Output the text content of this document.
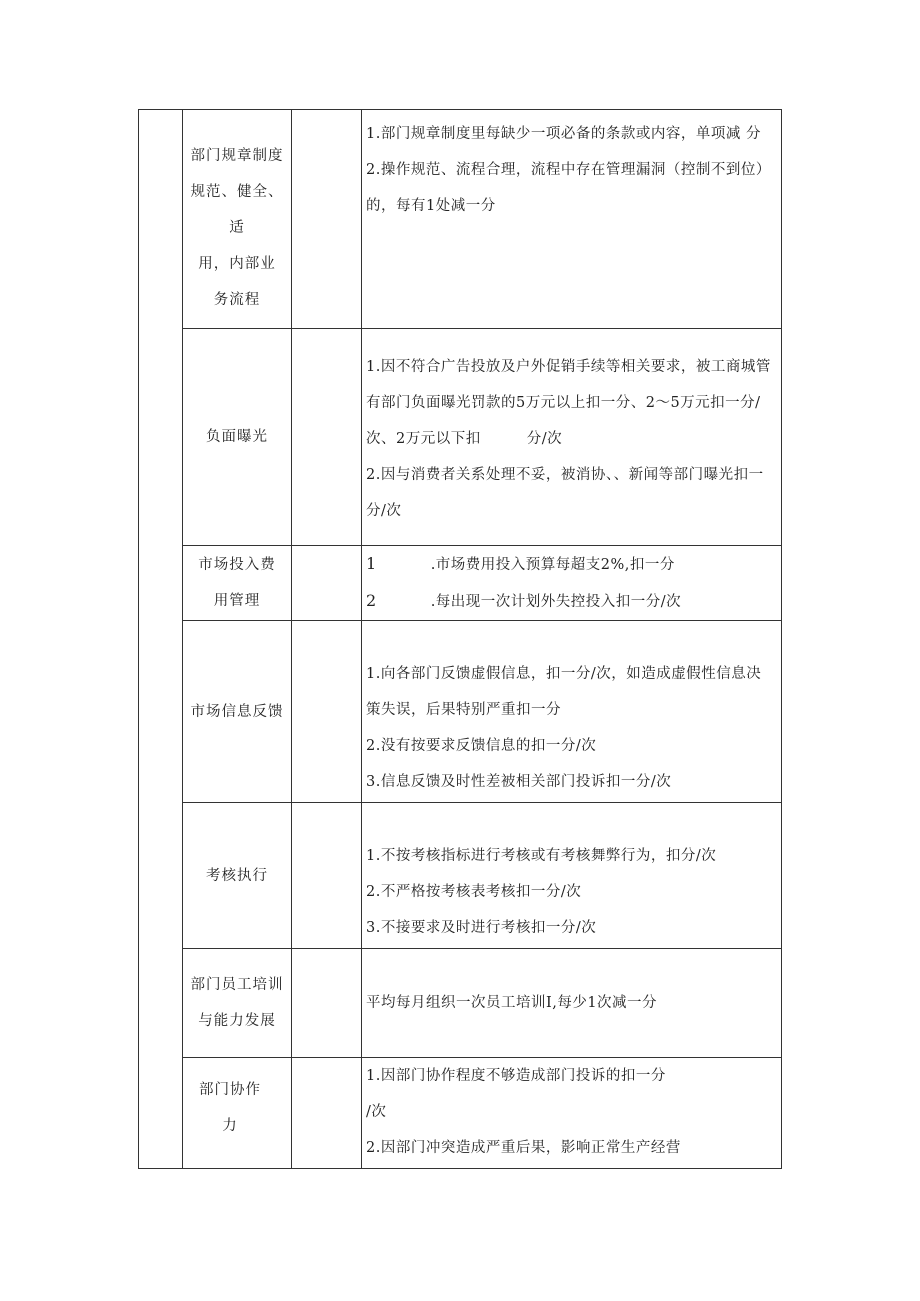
	部门规章制度
规范、健全、
适
用，内部业
务流程		1.部门规章制度里每缺少一项必备的条款或内容，单项减 分
2.操作规范、流程合理，流程中存在管理漏洞（控制不到位）
的，每有1处减一分

	负面曝光		1.因不符合广告投放及户外促销手续等相关要求，被工商城管
有部门负面曝光罚款的5万元以上扣一分、2〜5万元扣一分/
次、2万元以下扣 分/次
2.因与消费者关系处理不妥，被消协、、新闻等部门曝光扣一
分/次

	市场投入费
用管理		1 .市场费用投入预算每超支2%,扣一分
2 .每出现一次计划外失控投入扣一分/次

	市场信息反馈		1.向各部门反馈虚假信息，扣一分/次，如造成虚假性信息决
策失误，后果特别严重扣一分
2.没有按要求反馈信息的扣一分/次
3.信息反馈及时性差被相关部门投诉扣一分/次

	考核执行		1.不按考核指标进行考核或有考核舞弊行为，扣分/次
2.不严格按考核表考核扣一分/次
3.不接要求及时进行考核扣一分/次

	部门员工培训
与能力发展		平均每月组织一次员工培训I,每少1次减一分

	部门协作
力		1.因部门协作程度不够造成部门投诉的扣一分
/次
2.因部门冲突造成严重后果，影响正常生产经营
